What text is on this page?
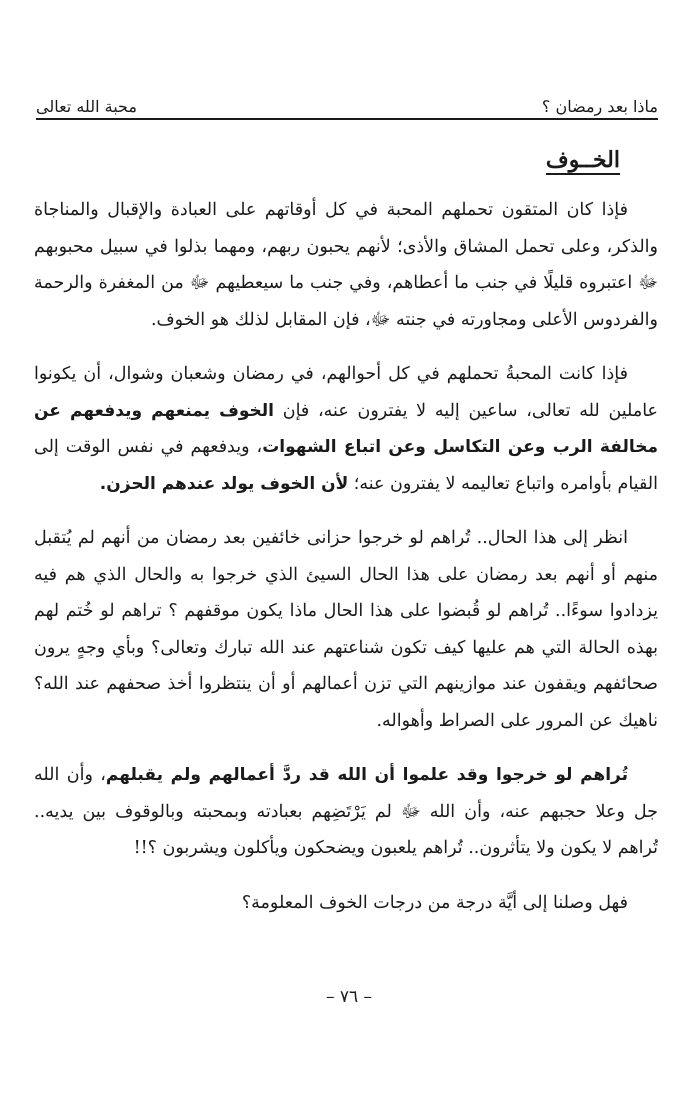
ماذا بعد رمضان ؟
محبة الله تعالى
الخــوف

فإذا كان المتقون تحملهم المحبة في كل أوقاتهم على العبادة والإقبال والمناجاة والذكر، وعلى تحمل المشاق والأذى؛ لأنهم يحبون ربهم، ومهما بذلوا في سبيل محبوبهم ﷻ اعتبروه قليلًا في جنب ما أعطاهم، وفي جنب ما سيعطيهم ﷻ من المغفرة والرحمة والفردوس الأعلى ومجاورته في جنته ﷻ، فإن المقابل لذلك هو الخوف.

فإذا كانت المحبةُ تحملهم في كل أحوالهم، في رمضان وشعبان وشوال، أن يكونوا عاملين لله تعالى، ساعين إليه لا يفترون عنه، فإن الخوف يمنعهم ويدفعهم عن مخالفة الرب وعن التكاسل وعن اتباع الشهوات، ويدفعهم في نفس الوقت إلى القيام بأوامره واتباع تعاليمه لا يفترون عنه؛ لأن الخوف يولد عندهم الحزن.

انظر إلى هذا الحال.. تُراهم لو خرجوا حزانى خائفين بعد رمضان من أنهم لم يُتقبل منهم أو أنهم بعد رمضان على هذا الحال السيئ الذي خرجوا به والحال الذي هم فيه يزدادوا سوءًا.. تُراهم لو قُبضوا على هذا الحال ماذا يكون موقفهم ؟ تراهم لو خُتم لهم بهذه الحالة التي هم عليها كيف تكون شناعتهم عند الله تبارك وتعالى؟ وبأي وجهٍ يرون صحائفهم ويقفون عند موازينهم التي تزن أعمالهم أو أن ينتظروا أخذ صحفهم عند الله؟ ناهيك عن المرور على الصراط وأهواله.

تُراهم لو خرجوا وقد علموا أن الله قد ردَّ أعمالهم ولم يقبلهم، وأن الله جل وعلا حجبهم عنه، وأن الله ﷻ لم يَرْتَضِهم بعبادته وبمحبته وبالوقوف بين يديه.. تُراهم لا يكون ولا يتأثرون.. تُراهم يلعبون ويضحكون ويأكلون ويشربون ؟!!

فهل وصلنا إلى أيَّة درجة من درجات الخوف المعلومة؟

– ٧٦ –
